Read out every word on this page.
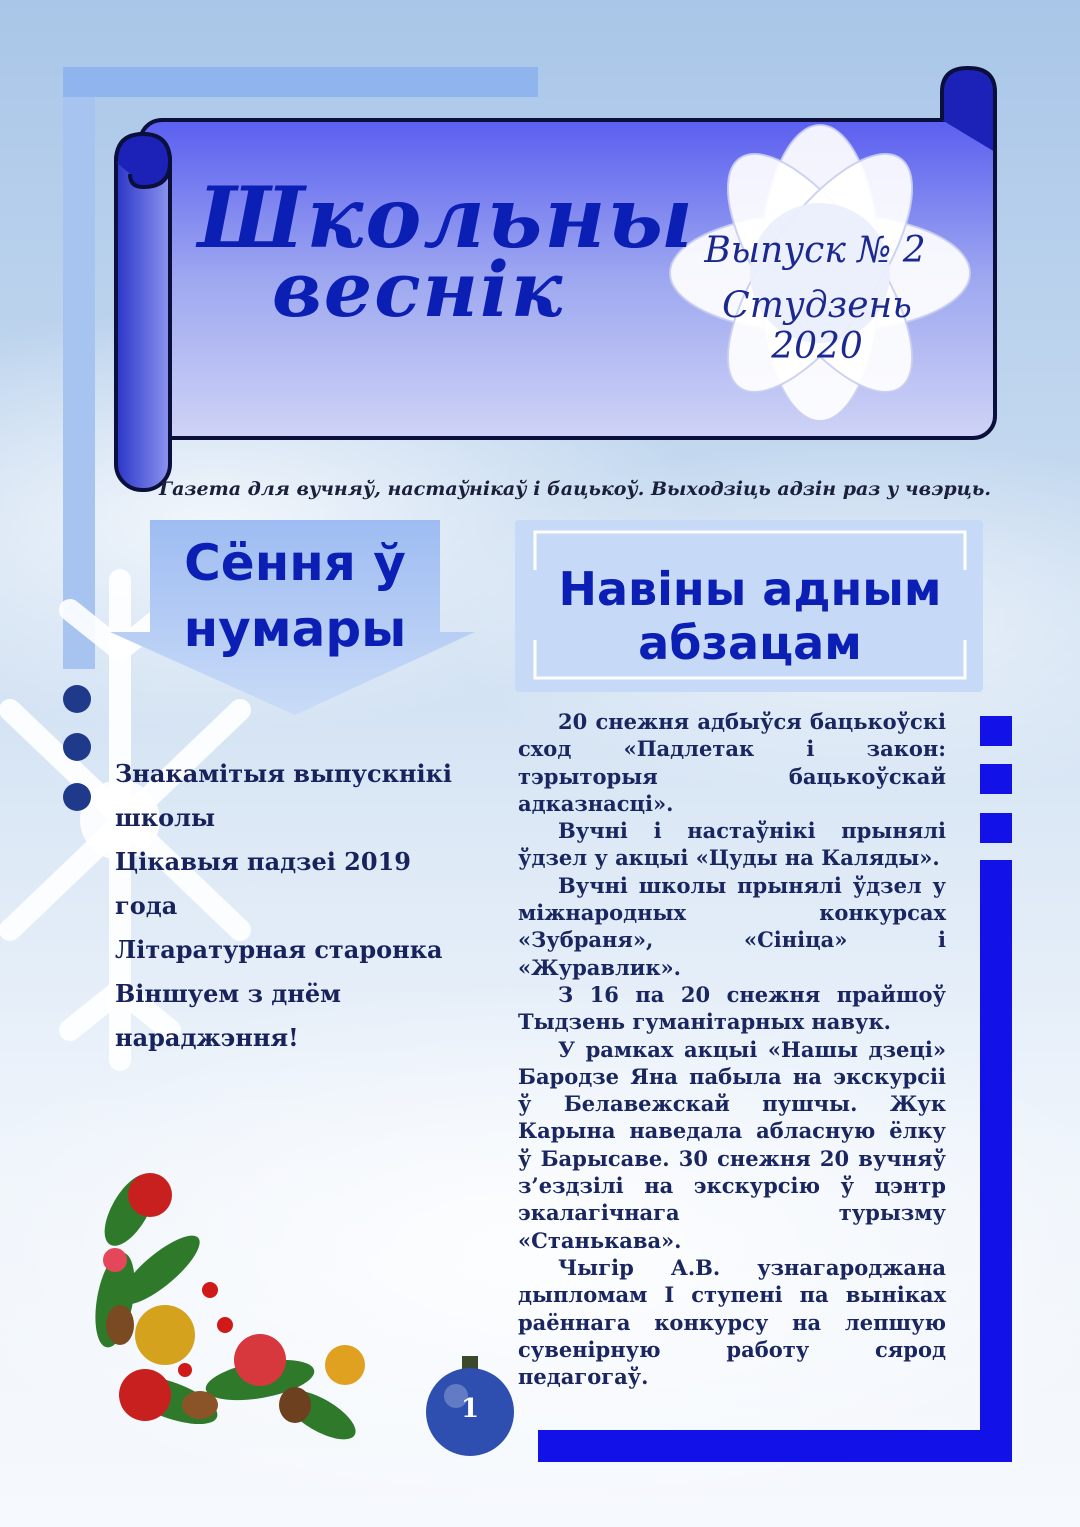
Школьны
веснік	Выпуск № 2
Студзень 2020
Газета для вучняў, настаўнікаў і бацькоў. Выходзіць адзін раз у чвэрць.
Сёння ў
нумары
Навіны адным
абзацам
Знакамітыя выпускнікі
школы
Цікавыя падзеі 2019
года
Літаратурная старонка
Віншуем з днём
нараджэння!

20 снежня адбыўся бацькоўскі сход «Падлетак і закон: тэрыторыя бацькоўскай адказнасці».

Вучні і настаўнікі прынялі ўдзел у акцыі «Цуды на Каляды».

Вучні школы прынялі ўдзел у міжнародных конкурсах «Зубраня», «Сініца» і «Журавлик».

З 16 па 20 снежня прайшоў Тыдзень гуманітарных навук.

У рамках акцыі «Нашы дзеці» Бародзе Яна пабыла на экскурсіі ў Белавежскай пушчы. Жук Карына наведала абласную ёлку ў Барысаве. 30 снежня 20 вучняў з’ездзілі на экскурсію ў цэнтр экалагічнага турызму «Станькава».

Чыгір А.В. узнагароджана дыпломам I ступені па выніках раённага конкурсу на лепшую сувенірную работу сярод педагогаў.

1
